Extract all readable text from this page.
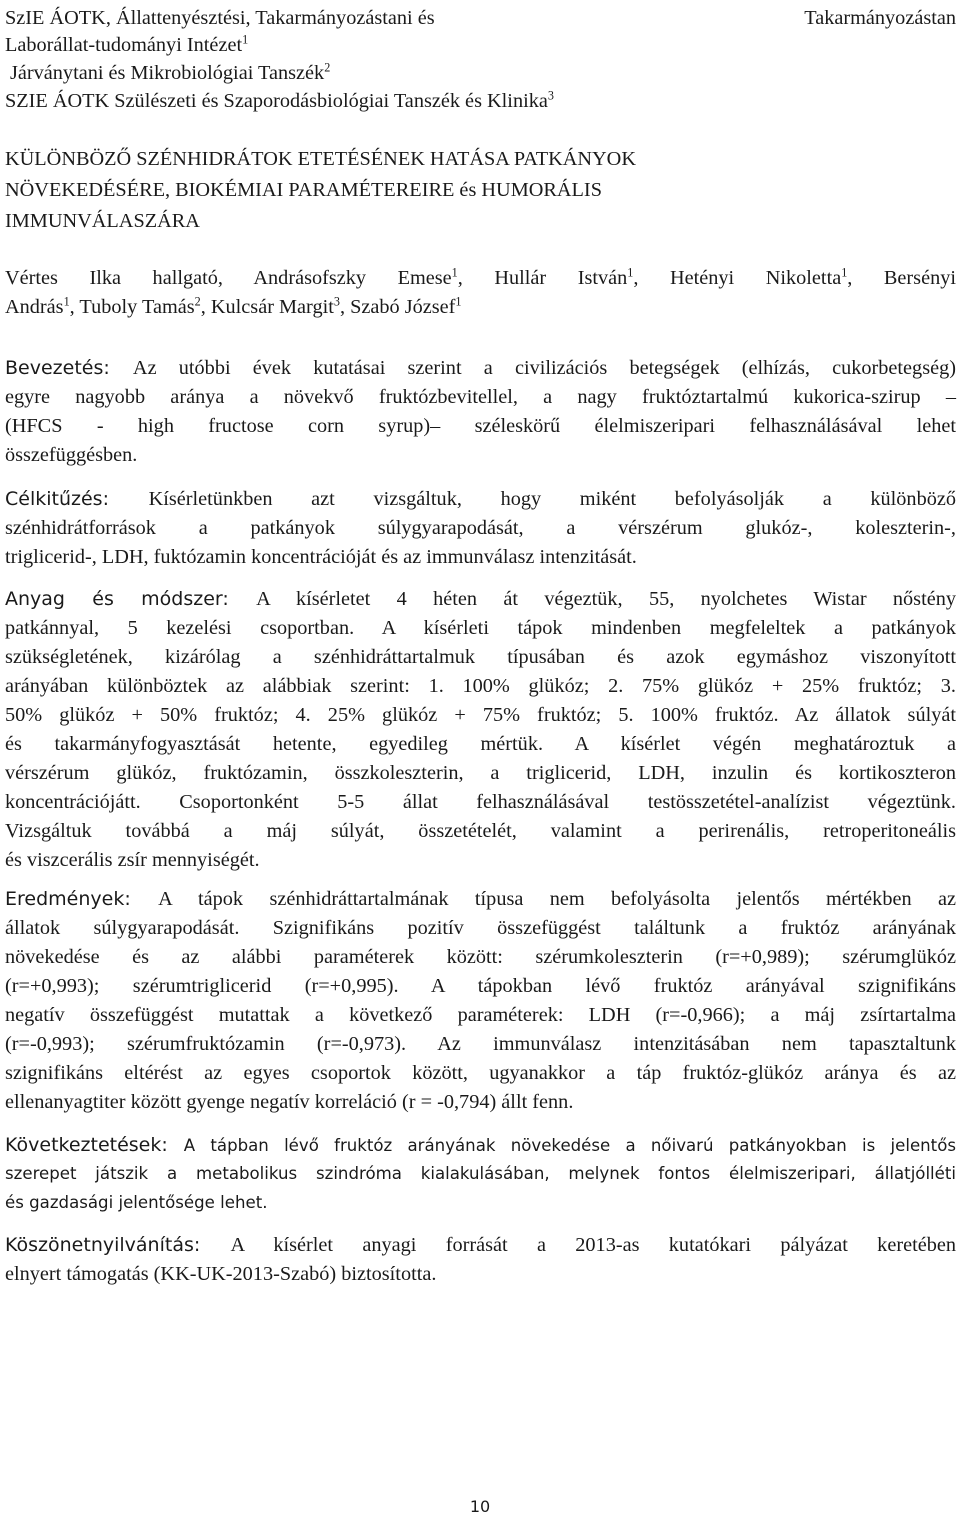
SzIE ÁOTK, Állattenyésztési, Takarmányozástani és	Takarmányozástan
Laborállat-tudományi Intézet$^1$
Járványtani és Mikrobiológiai Tanszék$^2$
SZIE ÁOTK Szülészeti és Szaporodásbiológiai Tanszék és Klinika$^3$
KÜLÖNBÖZŐ SZÉNHIDRÁTOK ETETÉSÉNEK HATÁSA PATKÁNYOK
NÖVEKEDÉSÉRE, BIOKÉMIAI PARAMÉTEREIRE és HUMORÁLIS
IMMUNVÁLASZÁRA
Vértes Ilka hallgató, Andrásofszky Emese$^1$, Hullár István$^1$, Hetényi Nikoletta$^1$, Bersényi
András$^1$, Tuboly Tamás$^2$, Kulcsár Margit$^3$, Szabó József$^1$
Bevezetés: Az utóbbi évek kutatásai szerint a civilizációs betegségek (elhízás, cukorbetegség)
egyre nagyobb aránya a növekvő fruktózbevitellel, a nagy fruktóztartalmú kukorica-szirup –
(HFCS - high fructose corn syrup)– széleskörű élelmiszeripari felhasználásával lehet
összefüggésben.
Célkitűzés: Kísérletünkben azt vizsgáltuk, hogy miként befolyásolják a különböző
szénhidrátforrások a patkányok súlygyarapodását, a vérszérum glukóz-, koleszterin-,
triglicerid-, LDH, fuktózamin koncentrációját és az immunválasz intenzitását.
Anyag és módszer: A kísérletet 4 héten át végeztük, 55, nyolchetes Wistar nőstény
patkánnyal, 5 kezelési csoportban. A kísérleti tápok mindenben megfeleltek a patkányok
szükségletének, kizárólag a szénhidráttartalmuk típusában és azok egymáshoz viszonyított
arányában különböztek az alábbiak szerint: 1. 100% glükóz; 2. 75% glükóz + 25% fruktóz; 3.
50% glükóz + 50% fruktóz; 4. 25% glükóz + 75% fruktóz; 5. 100% fruktóz. Az állatok súlyát
és takarmányfogyasztását hetente, egyedileg mértük. A kísérlet végén meghatároztuk a
vérszérum glükóz, fruktózamin, összkoleszterin, a triglicerid, LDH, inzulin és kortikoszteron
koncentrációjátt. Csoportonként 5-5 állat felhasználásával testösszetétel-analízist végeztünk.
Vizsgáltuk továbbá a máj súlyát, összetételét, valamint a perirenális, retroperitoneális
és viszcerális zsír mennyiségét.
Eredmények: A tápok szénhidráttartalmának típusa nem befolyásolta jelentős mértékben az
állatok súlygyarapodását. Szignifikáns pozitív összefüggést találtunk a fruktóz arányának
növekedése és az alábbi paraméterek között: szérumkoleszterin (r=+0,989); szérumglükóz
(r=+0,993); szérumtriglicerid (r=+0,995). A tápokban lévő fruktóz arányával szignifikáns
negatív összefüggést mutattak a következő paraméterek: LDH (r=-0,966); a máj zsírtartalma
(r=-0,993); szérumfruktózamin (r=-0,973). Az immunválasz intenzitásában nem tapasztaltunk
szignifikáns eltérést az egyes csoportok között, ugyanakkor a táp fruktóz-glükóz aránya és az
ellenanyagtiter között gyenge negatív korreláció (r = -0,794) állt fenn.
Következtetések: A tápban lévő fruktóz arányának növekedése a nőivarú patkányokban is jelentős
szerepet játszik a metabolikus szindróma kialakulásában, melynek fontos élelmiszeripari, állatjólléti
és gazdasági jelentősége lehet.
Köszönetnyilvánítás: A kísérlet anyagi forrását a 2013-as kutatókari pályázat keretében
elnyert támogatás (KK-UK-2013-Szabó) biztosította.
10
